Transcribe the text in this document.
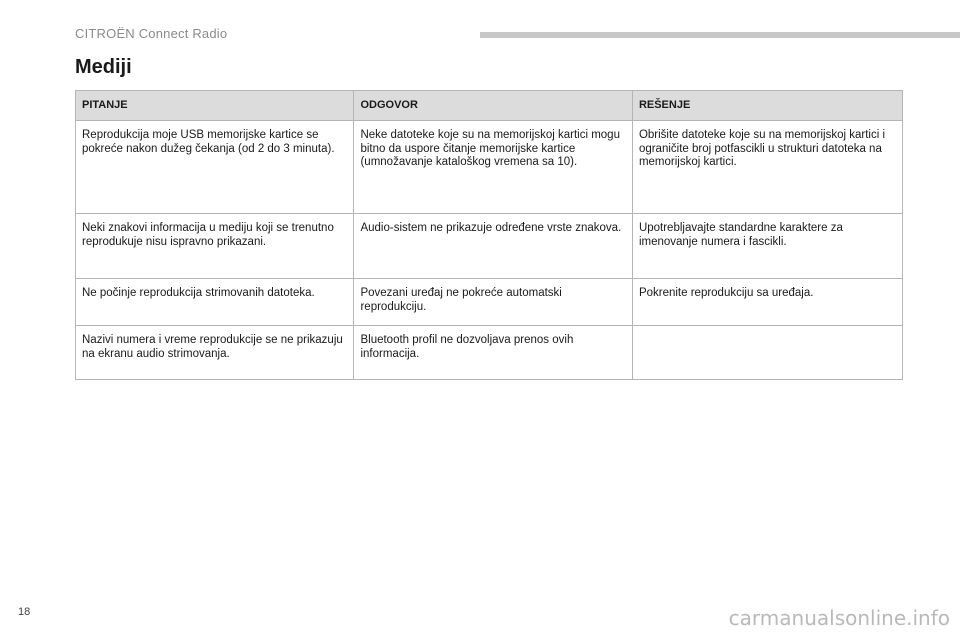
CITROËN Connect Radio
Mediji
PITANJE	ODGOVOR	REŠENJE
Reprodukcija moje USB memorijske kartice se pokreće nakon dužeg čekanja (od 2 do 3 minuta).	Neke datoteke koje su na memorijskoj kartici mogu bitno da uspore čitanje memorijske kartice (umnožavanje kataloškog vremena sa 10).	Obrišite datoteke koje su na memorijskoj kartici i ograničite broj potfascikli u strukturi datoteka na memorijskoj kartici.
Neki znakovi informacija u mediju koji se trenutno reprodukuje nisu ispravno prikazani.	Audio-sistem ne prikazuje određene vrste znakova.	Upotrebljavajte standardne karaktere za imenovanje numera i fascikli.
Ne počinje reprodukcija strimovanih datoteka.	Povezani uređaj ne pokreće automatski reprodukciju.	Pokrenite reprodukciju sa uređaja.
Nazivi numera i vreme reprodukcije se ne prikazuju na ekranu audio strimovanja.	Bluetooth profil ne dozvoljava prenos ovih informacija.	
18	carmanualsonline.info
